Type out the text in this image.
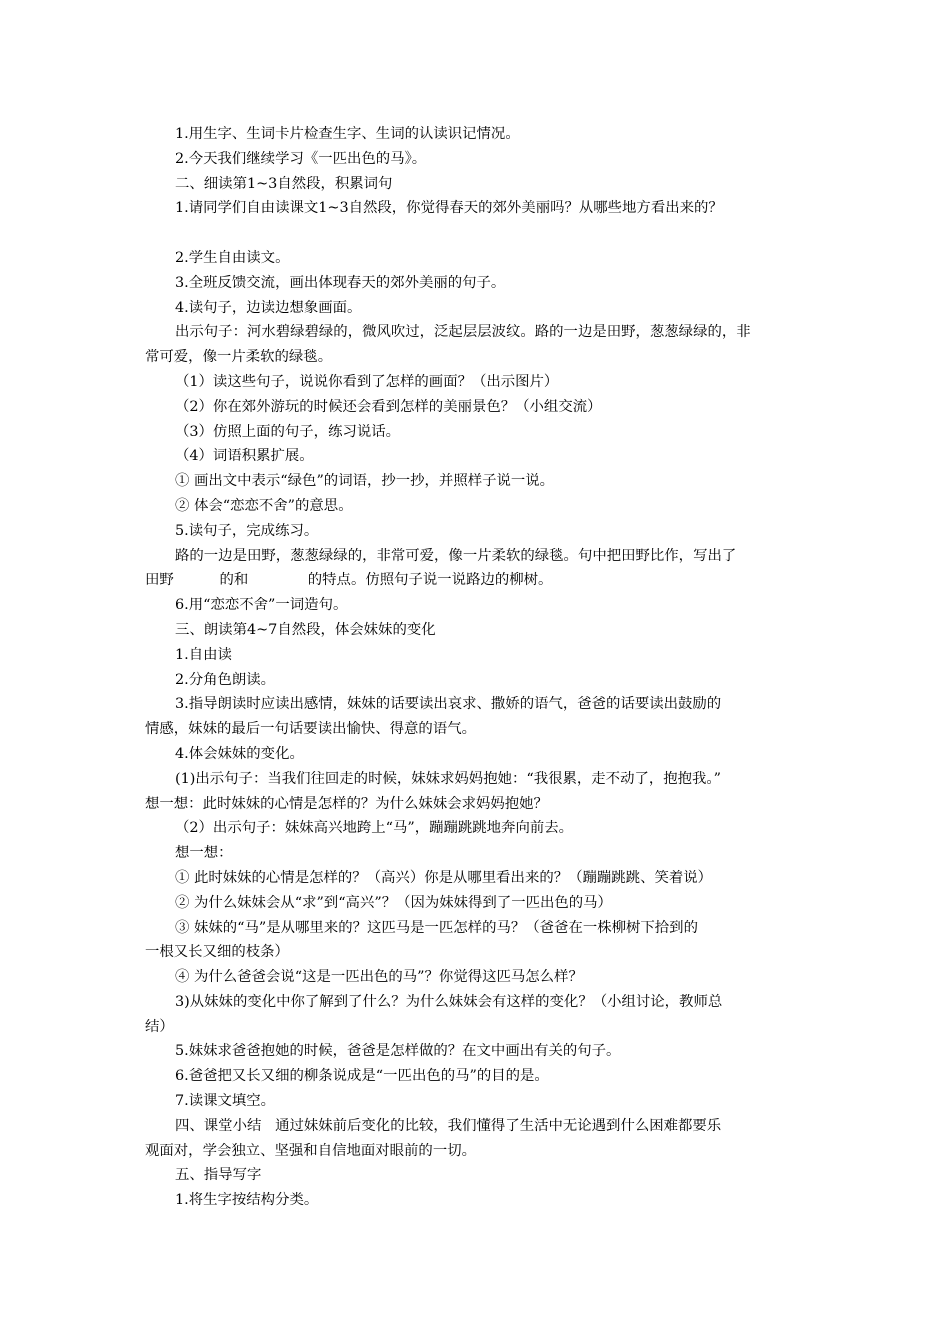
1.用生字、生词卡片检查生字、生词的认读识记情况。
2.今天我们继续学习《一匹出色的马》。
二、细读第1~3自然段，积累词句
1.请同学们自由读课文1~3自然段，你觉得春天的郊外美丽吗？从哪些地方看出来的？
2.学生自由读文。
3.全班反馈交流，画出体现春天的郊外美丽的句子。
4.读句子，边读边想象画面。
出示句子：河水碧绿碧绿的，微风吹过，泛起层层波纹。路的一边是田野，葱葱绿绿的，非
常可爱，像一片柔软的绿毯。
（1）读这些句子，说说你看到了怎样的画面？（出示图片）
（2）你在郊外游玩的时候还会看到怎样的美丽景色？（小组交流）
（3）仿照上面的句子，练习说话。
（4）词语积累扩展。
① 画出文中表示“绿色”的词语，抄一抄，并照样子说一说。
② 体会“恋恋不舍”的意思。
5.读句子，完成练习。
路的一边是田野，葱葱绿绿的，非常可爱，像一片柔软的绿毯。句中把田野比作，写出了
田野          的和             的特点。仿照句子说一说路边的柳树。
6.用“恋恋不舍”一词造句。
三、朗读第4~7自然段，体会妹妹的变化
1.自由读
2.分角色朗读。
3.指导朗读时应读出感情，妹妹的话要读出哀求、撒娇的语气，爸爸的话要读出鼓励的
情感，妹妹的最后一句话要读出愉快、得意的语气。
4.体会妹妹的变化。
(1)出示句子：当我们往回走的时候，妹妹求妈妈抱她：“我很累，走不动了，抱抱我。”
想一想：此时妹妹的心情是怎样的？为什么妹妹会求妈妈抱她？
（2）出示句子：妹妹高兴地跨上“马”，蹦蹦跳跳地奔向前去。
想一想：
① 此时妹妹的心情是怎样的？（高兴）你是从哪里看出来的？（蹦蹦跳跳、笑着说）
② 为什么妹妹会从“求”到“高兴”？（因为妹妹得到了一匹出色的马）
③ 妹妹的“马”是从哪里来的？这匹马是一匹怎样的马？（爸爸在一株柳树下拾到的
一根又长又细的枝条）
④ 为什么爸爸会说“这是一匹出色的马”？你觉得这匹马怎么样？
3)从妹妹的变化中你了解到了什么？为什么妹妹会有这样的变化？（小组讨论，教师总
结）
5.妹妹求爸爸抱她的时候，爸爸是怎样做的？在文中画出有关的句子。
6.爸爸把又长又细的柳条说成是“一匹出色的马”的目的是。
7.读课文填空。
四、课堂小结   通过妹妹前后变化的比较，我们懂得了生活中无论遇到什么困难都要乐
观面对，学会独立、坚强和自信地面对眼前的一切。
五、指导写字
1.将生字按结构分类。
